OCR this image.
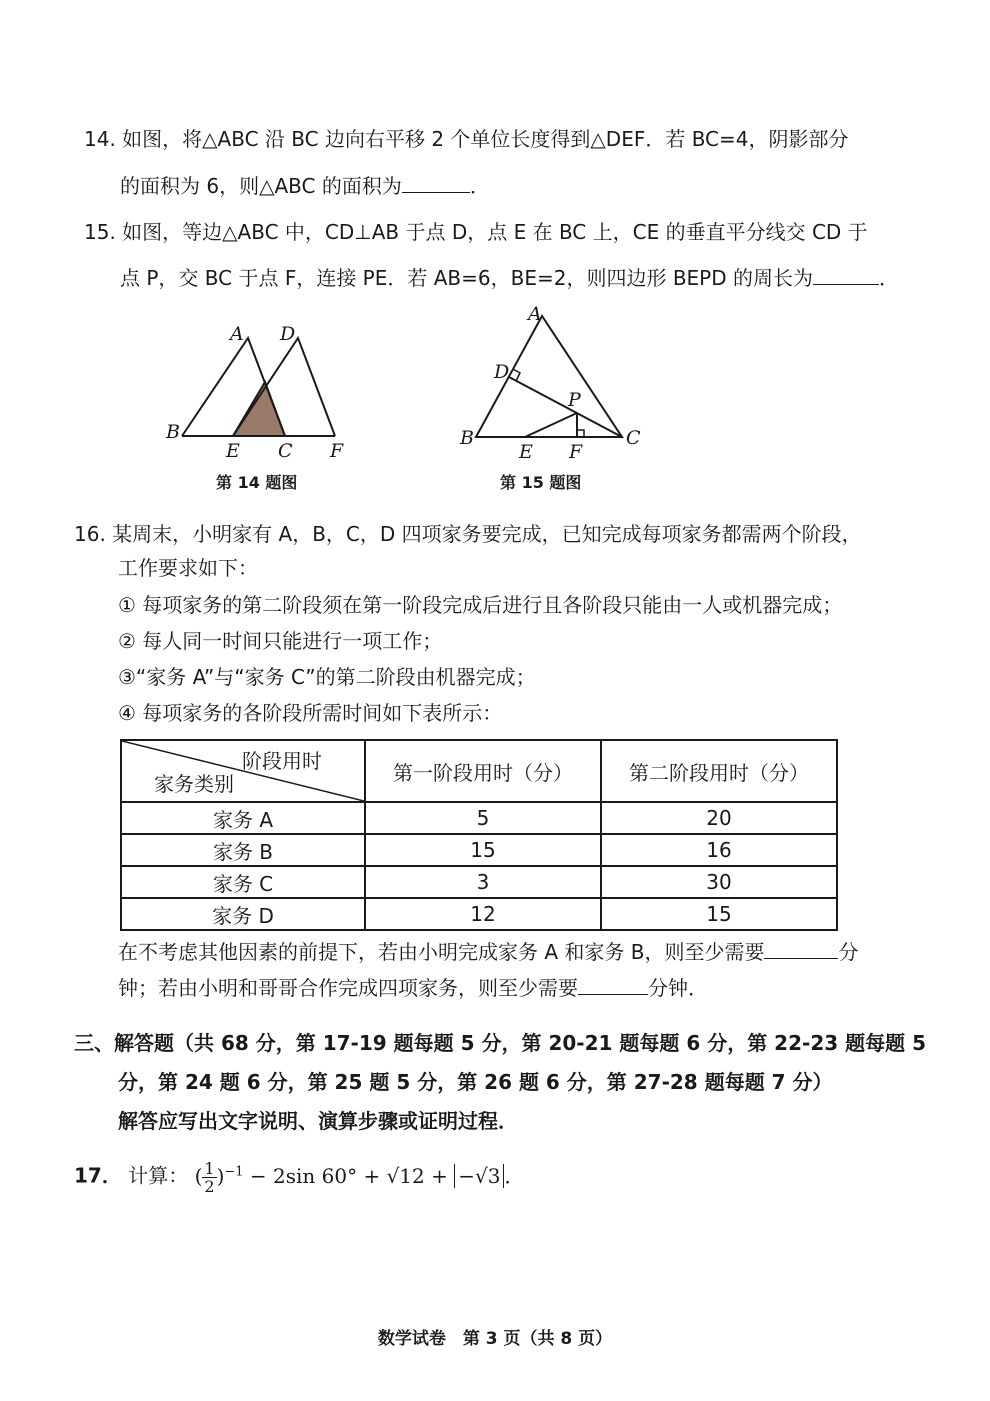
14. 如图，将△ABC 沿 BC 边向右平移 2 个单位长度得到△DEF．若 BC=4，阴影部分
的面积为 6，则△ABC 的面积为	．
15. 如图，等边△ABC 中，CD⊥AB 于点 D，点 E 在 BC 上，CE 的垂直平分线交 CD 于
点 P，交 BC 于点 F，连接 PE．若 AB=6，BE=2，则四边形 BEPD 的周长为	．
A D
B
E C F
第 14 题图
A
D
P
B	C
E F
第 15 题图
16. 某周末，小明家有 A，B，C，D 四项家务要完成，已知完成每项家务都需两个阶段，
工作要求如下：
① 每项家务的第二阶段须在第一阶段完成后进行且各阶段只能由一人或机器完成；
② 每人同一时间只能进行一项工作；
③“家务 A”与“家务 C”的第二阶段由机器完成；
④ 每项家务的各阶段所需时间如下表所示：
阶段用时
家务类别	第一阶段用时（分）	第二阶段用时（分）
家务 A	5	20
家务 B	15	16
家务 C	3	30
家务 D	12	15
在不考虑其他因素的前提下，若由小明完成家务 A 和家务 B，则至少需要	分
钟；若由小明和哥哥合作完成四项家务，则至少需要	分钟．
三、解答题（共 68 分，第 17-19 题每题 5 分，第 20-21 题每题 6 分，第 22-23 题每题 5
分，第 24 题 6 分，第 25 题 5 分，第 26 题 6 分，第 27-28 题每题 7 分）
解答应写出文字说明、演算步骤或证明过程．
17． 计算： ( $\frac{1}{2} )^{-1} - 2\sin$ 60° + √12 + −√3 ．
数学试卷　第 3 页（共 8 页）
